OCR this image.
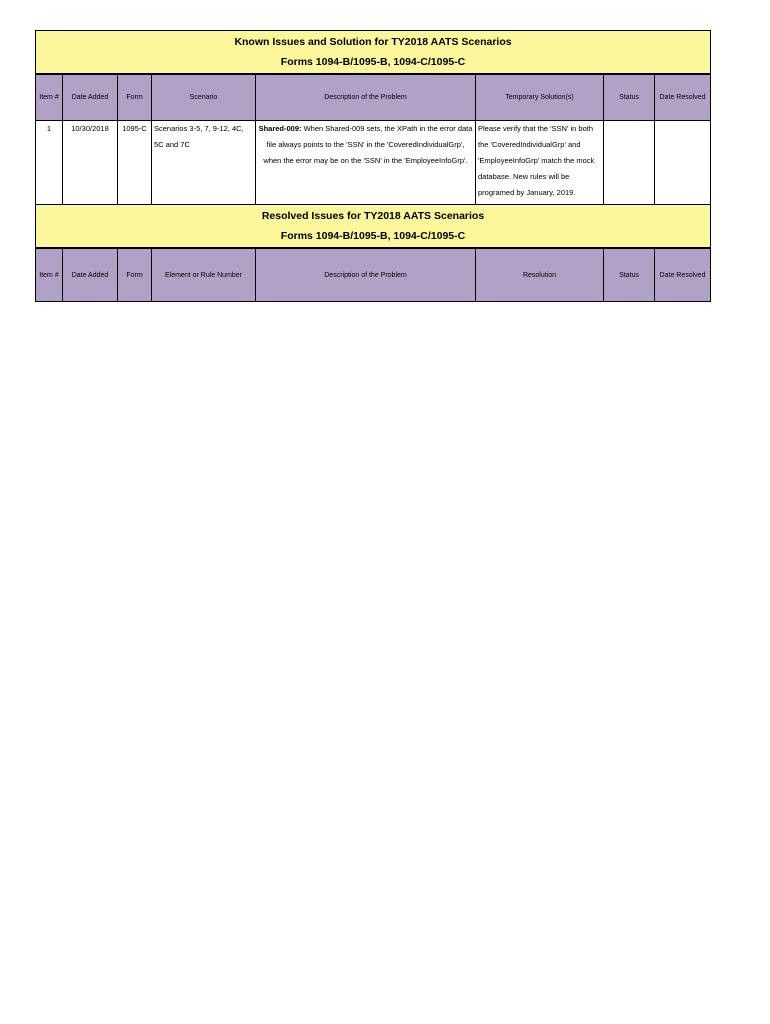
Known Issues and Solution for TY2018 AATS Scenarios
Forms 1094-B/1095-B, 1094-C/1095-C							

Item #	Date Added	Form	Scenario	Description of the Problem	Temporary Solution(s)	Status	Date Resolved
1	10/30/2018	1095-C	Scenarios 3-5, 7, 9-12, 4C, 5C and 7C	Shared-009: When Shared-009 sets, the XPath in the error data file always points to the 'SSN' in the 'CoveredIndividualGrp', when the error may be on the 'SSN' in the 'EmployeeInfoGrp'.	Please verify that the 'SSN' in both the 'CoveredIndividualGrp' and 'EmployeeInfoGrp' match the mock database. New rules will be programed by January, 2019.		

Resolved Issues for TY2018 AATS Scenarios
Forms 1094-B/1095-B, 1094-C/1095-C							

Item #	Date Added	Form	Element or Rule Number	Description of the Problem	Resolution	Status	Date Resolved
